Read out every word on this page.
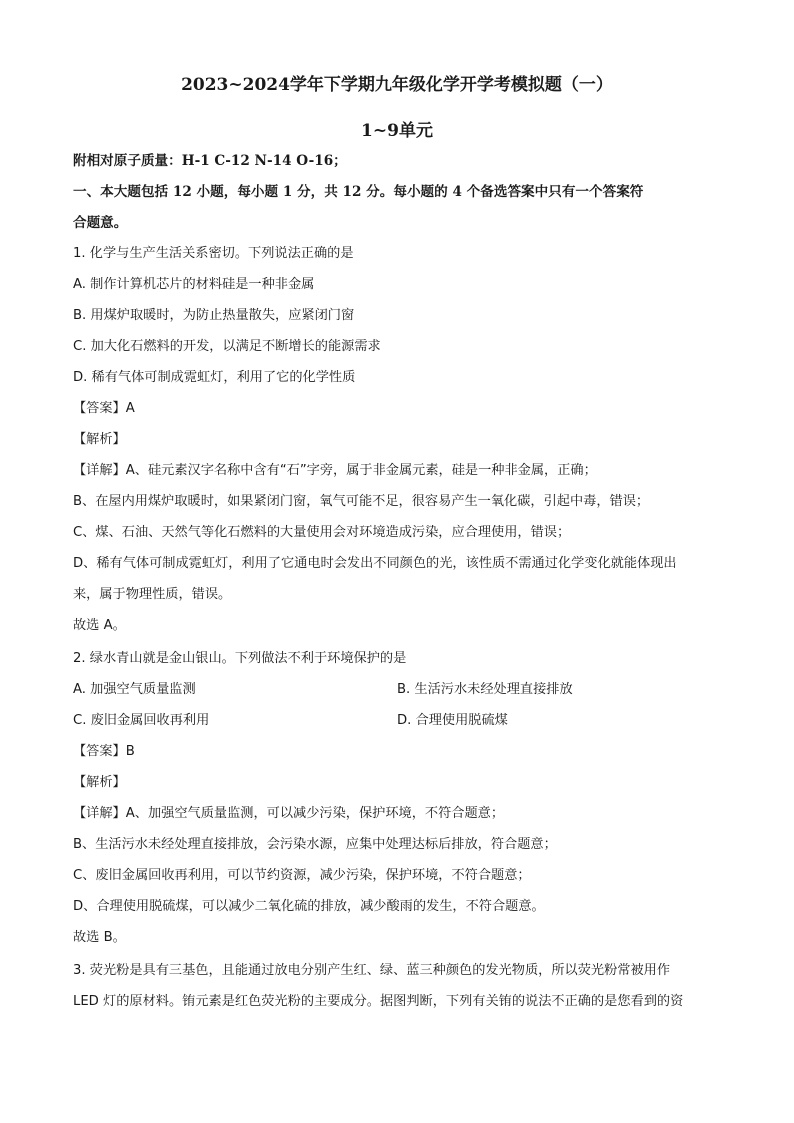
2023~2024学年下学期九年级化学开学考模拟题（一）
1~9单元
附相对原子质量：H-1 C-12 N-14 O-16；
一、本大题包括 12 小题，每小题 1 分，共 12 分。每小题的 4 个备选答案中只有一个答案符
合题意。
1. 化学与生产生活关系密切。下列说法正确的是
A. 制作计算机芯片的材料硅是一种非金属
B. 用煤炉取暖时，为防止热量散失，应紧闭门窗
C. 加大化石燃料的开发，以满足不断增长的能源需求
D. 稀有气体可制成霓虹灯，利用了它的化学性质
【答案】A
【解析】
【详解】A、硅元素汉字名称中含有“石”字旁，属于非金属元素，硅是一种非金属，正确；
B、在屋内用煤炉取暖时，如果紧闭门窗，氧气可能不足，很容易产生一氧化碳，引起中毒，错误；
C、煤、石油、天然气等化石燃料的大量使用会对环境造成污染，应合理使用，错误；
D、稀有气体可制成霓虹灯，利用了它通电时会发出不同颜色的光，该性质不需通过化学变化就能体现出
来，属于物理性质，错误。
故选 A。
2. 绿水青山就是金山银山。下列做法不利于环境保护的是
A. 加强空气质量监测	B. 生活污水未经处理直接排放
C. 废旧金属回收再利用	D. 合理使用脱硫煤
【答案】B
【解析】
【详解】A、加强空气质量监测，可以减少污染，保护环境，不符合题意；
B、生活污水未经处理直接排放，会污染水源，应集中处理达标后排放，符合题意；
C、废旧金属回收再利用，可以节约资源，减少污染，保护环境，不符合题意；
D、合理使用脱硫煤，可以减少二氧化硫的排放，减少酸雨的发生，不符合题意。
故选 B。
3. 荧光粉是具有三基色，且能通过放电分别产生红、绿、蓝三种颜色的发光物质，所以荧光粉常被用作
LED 灯的原材料。铕元素是红色荧光粉的主要成分。据图判断，下列有关铕的说法不正确的是您看到的资
